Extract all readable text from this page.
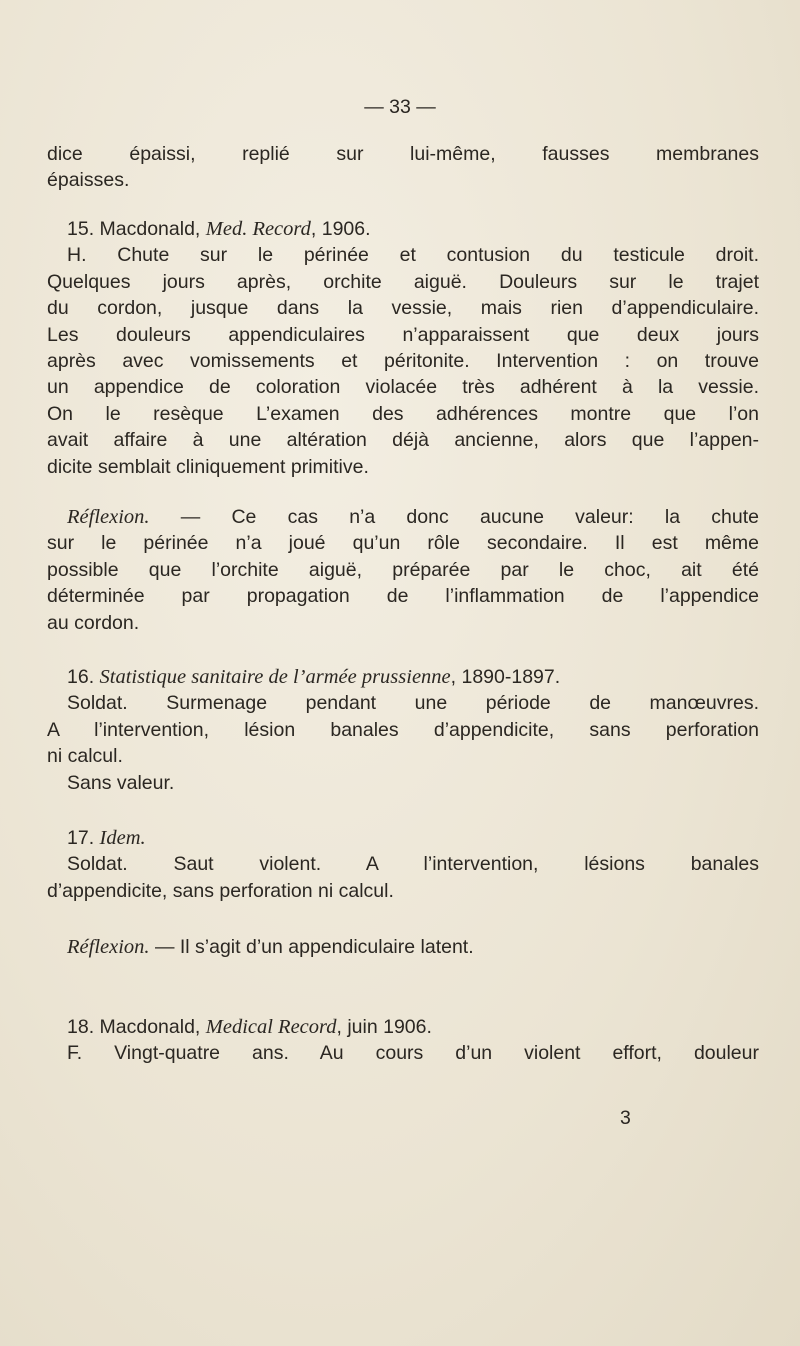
— 33 —
dice épaissi, replié sur lui-même, fausses membranes
épaisses.
15. Macdonald, Med. Record, 1906.
H. Chute sur le périnée et contusion du testicule droit.
Quelques jours après, orchite aiguë. Douleurs sur le trajet
du cordon, jusque dans la vessie, mais rien d’appendiculaire.
Les douleurs appendiculaires n’apparaissent que deux jours
après avec vomissements et péritonite. Intervention : on trouve
un appendice de coloration violacée très adhérent à la vessie.
On le resèque L’examen des adhérences montre que l’on
avait affaire à une altération déjà ancienne, alors que l’appen-
dicite semblait cliniquement primitive.
Réflexion. — Ce cas n’a donc aucune valeur: la chute
sur le périnée n’a joué qu’un rôle secondaire. Il est même
possible que l’orchite aiguë, préparée par le choc, ait été
déterminée par propagation de l’inflammation de l’appendice
au cordon.
16. Statistique sanitaire de l’armée prussienne, 1890-1897.
Soldat. Surmenage pendant une période de manœuvres.
A l’intervention, lésion banales d’appendicite, sans perforation
ni calcul.
Sans valeur.
17. Idem.
Soldat. Saut violent. A l’intervention, lésions banales
d’appendicite, sans perforation ni calcul.
Réflexion. — Il s’agit d’un appendiculaire latent.
18. Macdonald, Medical Record, juin 1906.
F. Vingt-quatre ans. Au cours d’un violent effort, douleur
3
